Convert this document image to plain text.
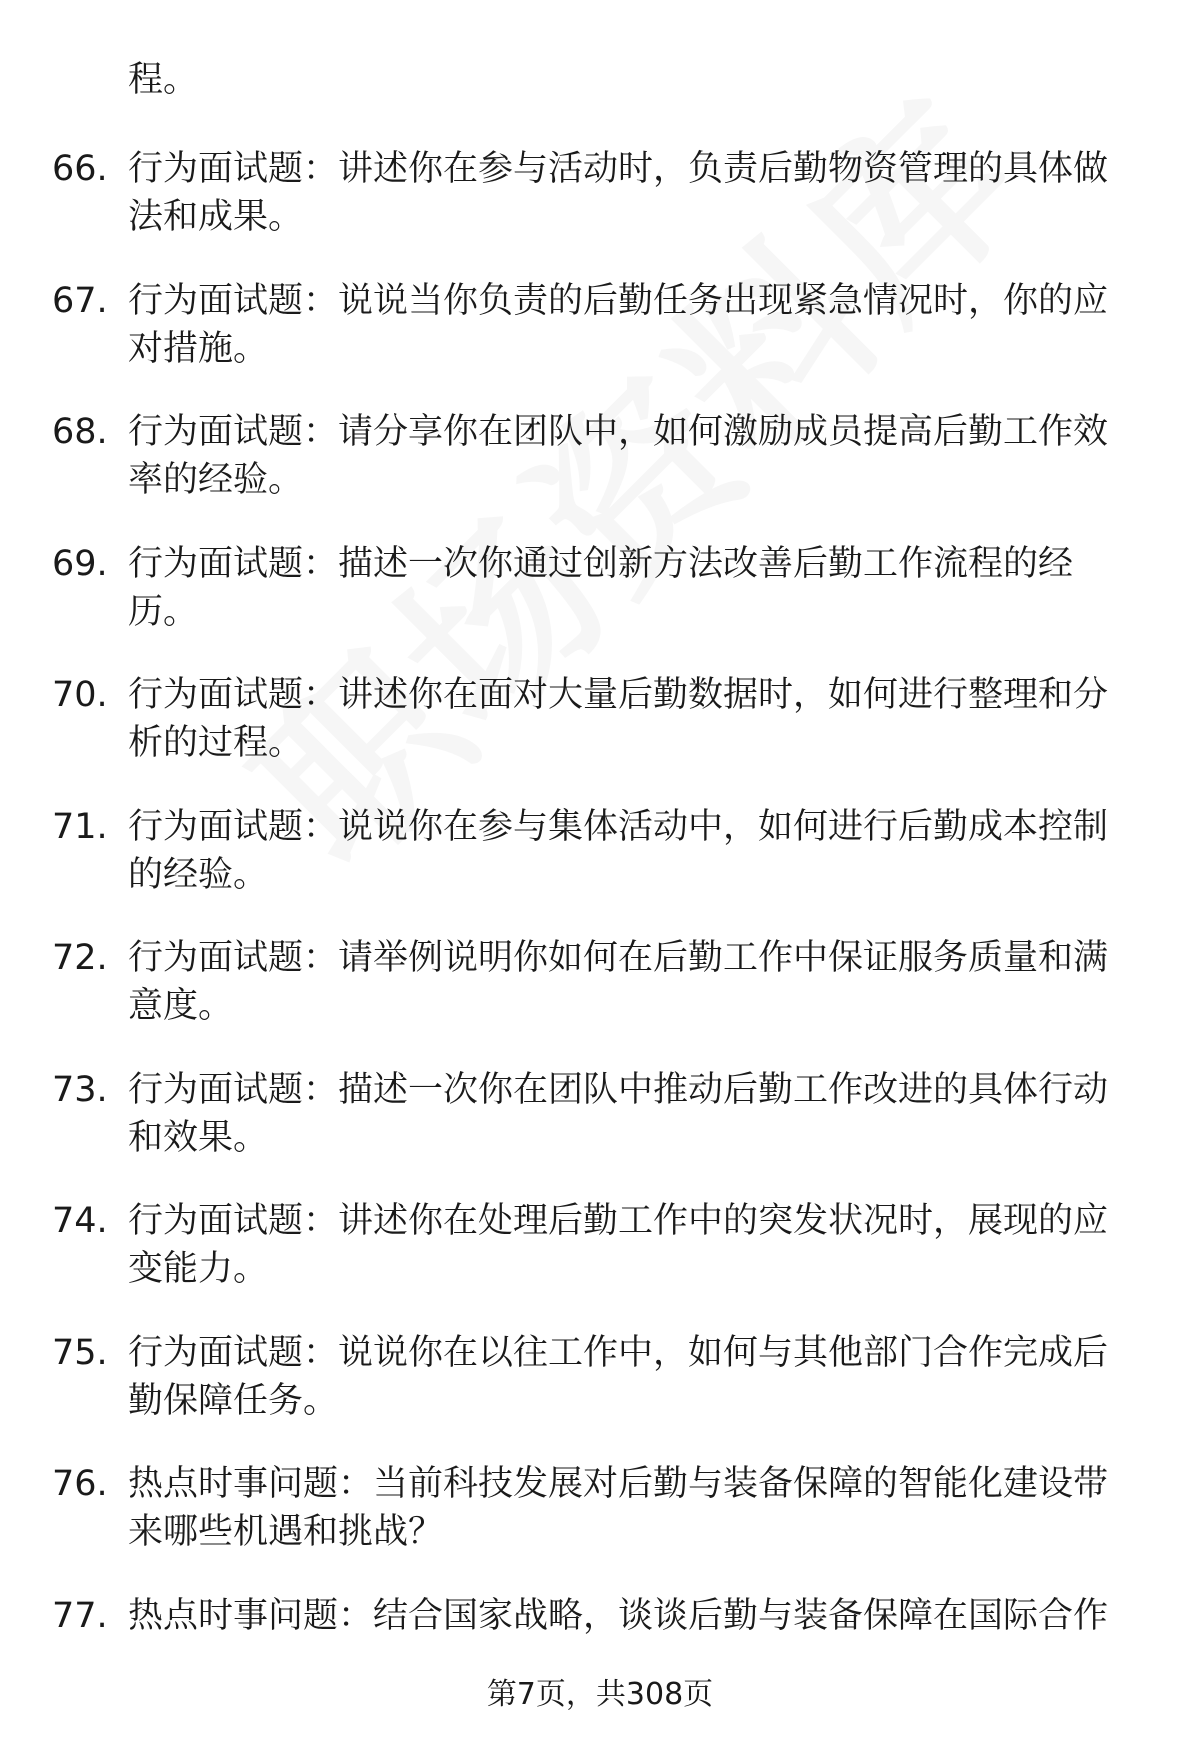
程。

66. 行为面试题：讲述你在参与活动时，负责后勤物资管理的具体做法和成果。
67. 行为面试题：说说当你负责的后勤任务出现紧急情况时，你的应对措施。
68. 行为面试题：请分享你在团队中，如何激励成员提高后勤工作效率的经验。
69. 行为面试题：描述一次你通过创新方法改善后勤工作流程的经历。
70. 行为面试题：讲述你在面对大量后勤数据时，如何进行整理和分析的过程。
71. 行为面试题：说说你在参与集体活动中，如何进行后勤成本控制的经验。
72. 行为面试题：请举例说明你如何在后勤工作中保证服务质量和满意度。
73. 行为面试题：描述一次你在团队中推动后勤工作改进的具体行动和效果。
74. 行为面试题：讲述你在处理后勤工作中的突发状况时，展现的应变能力。
75. 行为面试题：说说你在以往工作中，如何与其他部门合作完成后勤保障任务。
76. 热点时事问题：当前科技发展对后勤与装备保障的智能化建设带来哪些机遇和挑战？
77. 热点时事问题：结合国家战略，谈谈后勤与装备保障在国际合作
第7页，共308页
